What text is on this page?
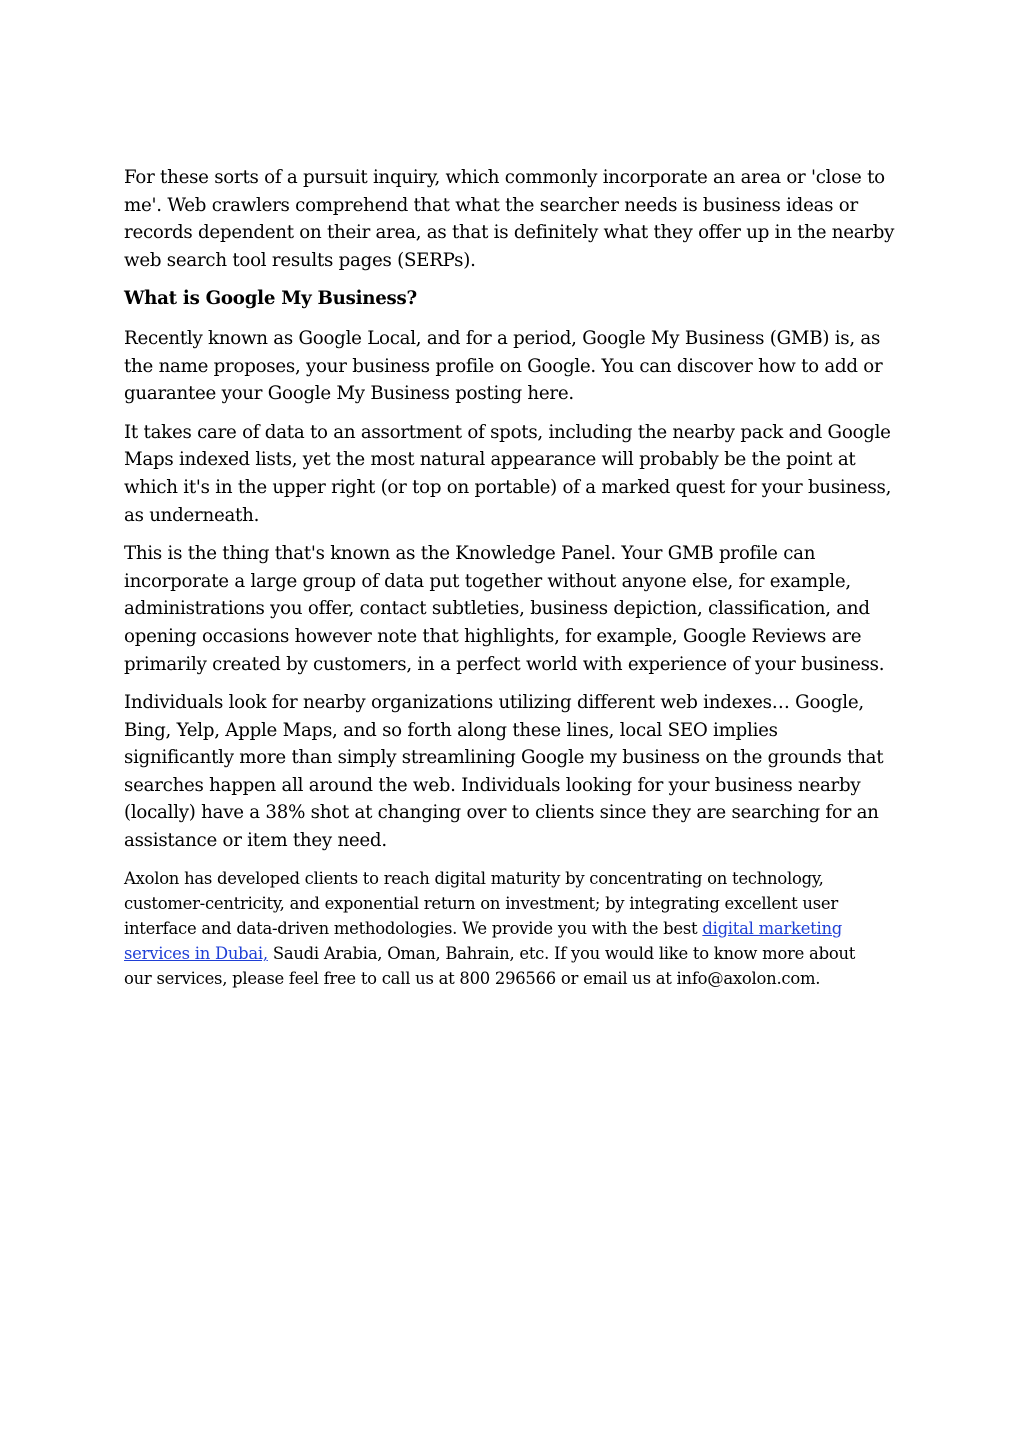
For these sorts of a pursuit inquiry, which commonly incorporate an area or 'close to
me'. Web crawlers comprehend that what the searcher needs is business ideas or
records dependent on their area, as that is definitely what they offer up in the nearby
web search tool results pages (SERPs).

What is Google My Business?

Recently known as Google Local, and for a period, Google My Business (GMB) is, as
the name proposes, your business profile on Google. You can discover how to add or
guarantee your Google My Business posting here.

It takes care of data to an assortment of spots, including the nearby pack and Google
Maps indexed lists, yet the most natural appearance will probably be the point at
which it's in the upper right (or top on portable) of a marked quest for your business,
as underneath.

This is the thing that's known as the Knowledge Panel. Your GMB profile can
incorporate a large group of data put together without anyone else, for example,
administrations you offer, contact subtleties, business depiction, classification, and
opening occasions however note that highlights, for example, Google Reviews are
primarily created by customers, in a perfect world with experience of your business.

Individuals look for nearby organizations utilizing different web indexes… Google,
Bing, Yelp, Apple Maps, and so forth along these lines, local SEO implies
significantly more than simply streamlining Google my business on the grounds that
searches happen all around the web. Individuals looking for your business nearby
(locally) have a 38% shot at changing over to clients since they are searching for an
assistance or item they need.

Axolon has developed clients to reach digital maturity by concentrating on technology,
customer-centricity, and exponential return on investment; by integrating excellent user
interface and data-driven methodologies. We provide you with the best digital marketing
services in Dubai, Saudi Arabia, Oman, Bahrain, etc. If you would like to know more about
our services, please feel free to call us at 800 296566 or email us at info@axolon.com.
